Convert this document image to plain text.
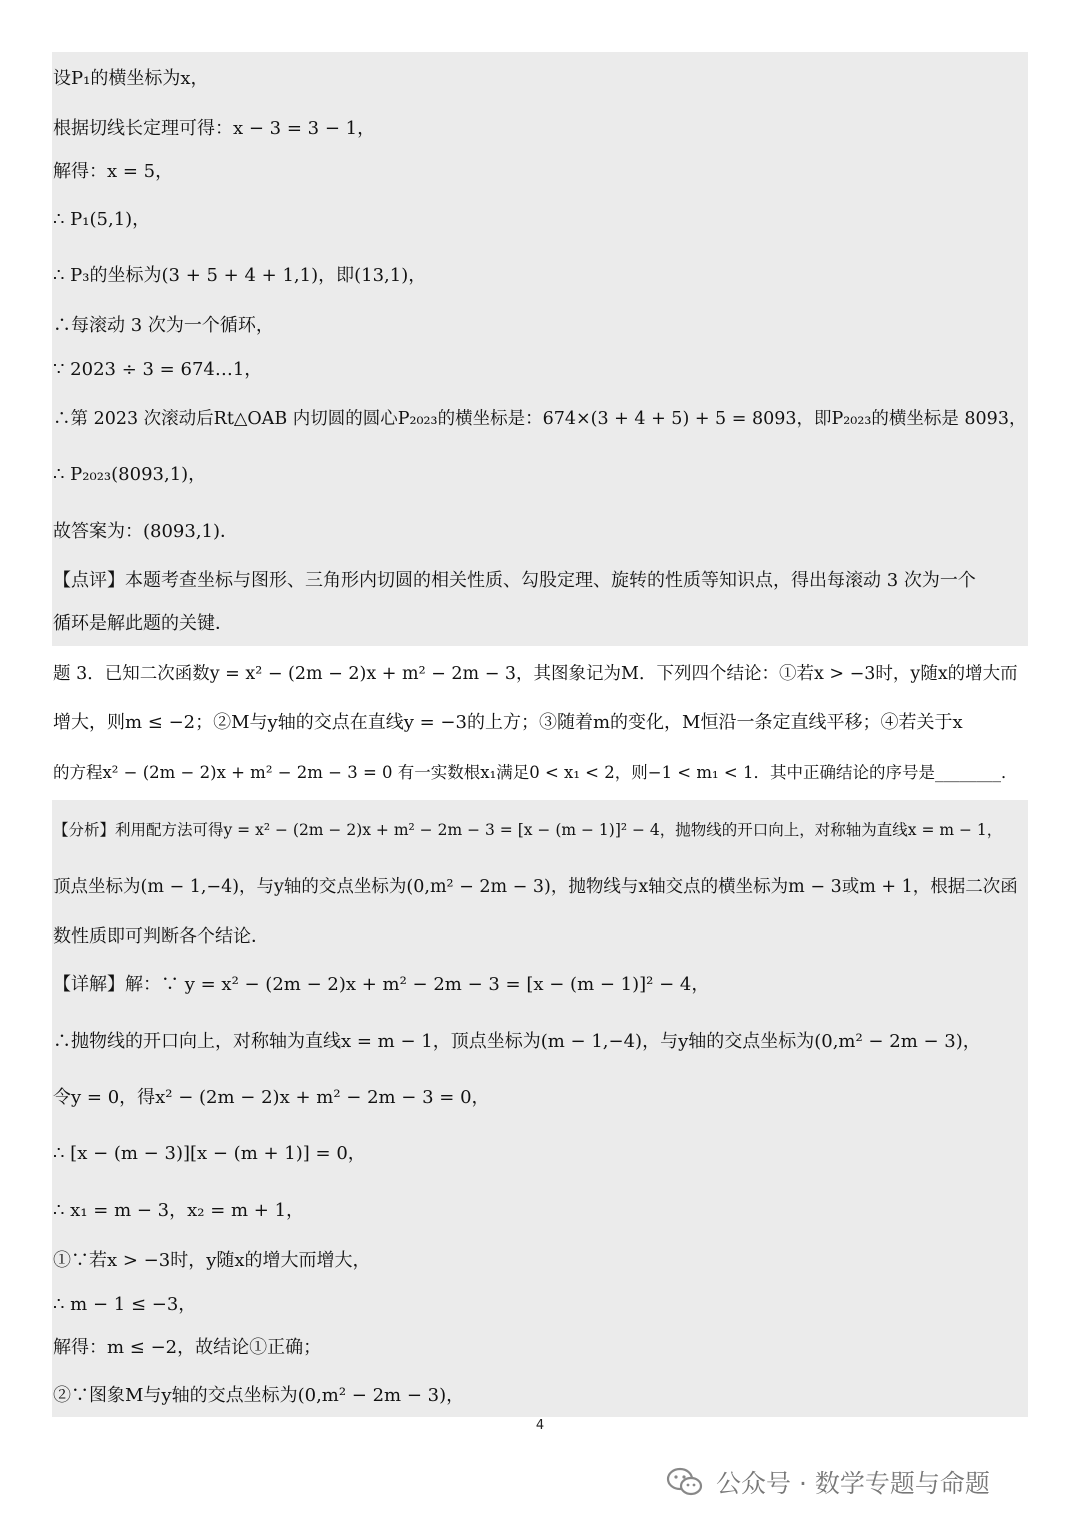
设P₁的横坐标为x，
根据切线长定理可得：x − 3 = 3 − 1，
解得：x = 5，
∴ P₁(5,1)，
∴ P₃的坐标为(3 + 5 + 4 + 1,1)，即(13,1)，
∴每滚动 3 次为一个循环，
∵ 2023 ÷ 3 = 674…1，
∴第 2023 次滚动后Rt△OAB 内切圆的圆心P₂₀₂₃的横坐标是：674×(3 + 4 + 5) + 5 = 8093，即P₂₀₂₃的横坐标是 8093，
∴ P₂₀₂₃(8093,1)，
故答案为：(8093,1)．
【点评】本题考查坐标与图形、三角形内切圆的相关性质、勾股定理、旋转的性质等知识点，得出每滚动 3 次为一个
循环是解此题的关键．
题 3．已知二次函数y = x² − (2m − 2)x + m² − 2m − 3，其图象记为M．下列四个结论：①若x > −3时，y随x的增大而
增大，则m ≤ −2；②M与y轴的交点在直线y = −3的上方；③随着m的变化，M恒沿一条定直线平移；④若关于x
的方程x² − (2m − 2)x + m² − 2m − 3 = 0 有一实数根x₁满足0 < x₁ < 2，则−1 < m₁ < 1．其中正确结论的序号是________．
【分析】利用配方法可得y = x² − (2m − 2)x + m² − 2m − 3 = [x − (m − 1)]² − 4，抛物线的开口向上，对称轴为直线x = m − 1，
顶点坐标为(m − 1,−4)，与y轴的交点坐标为(0,m² − 2m − 3)，抛物线与x轴交点的横坐标为m − 3或m + 1，根据二次函
数性质即可判断各个结论．
【详解】解：∵ y = x² − (2m − 2)x + m² − 2m − 3 = [x − (m − 1)]² − 4，
∴抛物线的开口向上，对称轴为直线x = m − 1，顶点坐标为(m − 1,−4)，与y轴的交点坐标为(0,m² − 2m − 3)，
令y = 0，得x² − (2m − 2)x + m² − 2m − 3 = 0，
∴ [x − (m − 3)][x − (m + 1)] = 0，
∴ x₁ = m − 3，x₂ = m + 1，
①∵若x > −3时，y随x的增大而增大，
∴ m − 1 ≤ −3，
解得：m ≤ −2，故结论①正确；
②∵图象M与y轴的交点坐标为(0,m² − 2m − 3)，
4
公众号 · 数学专题与命题
